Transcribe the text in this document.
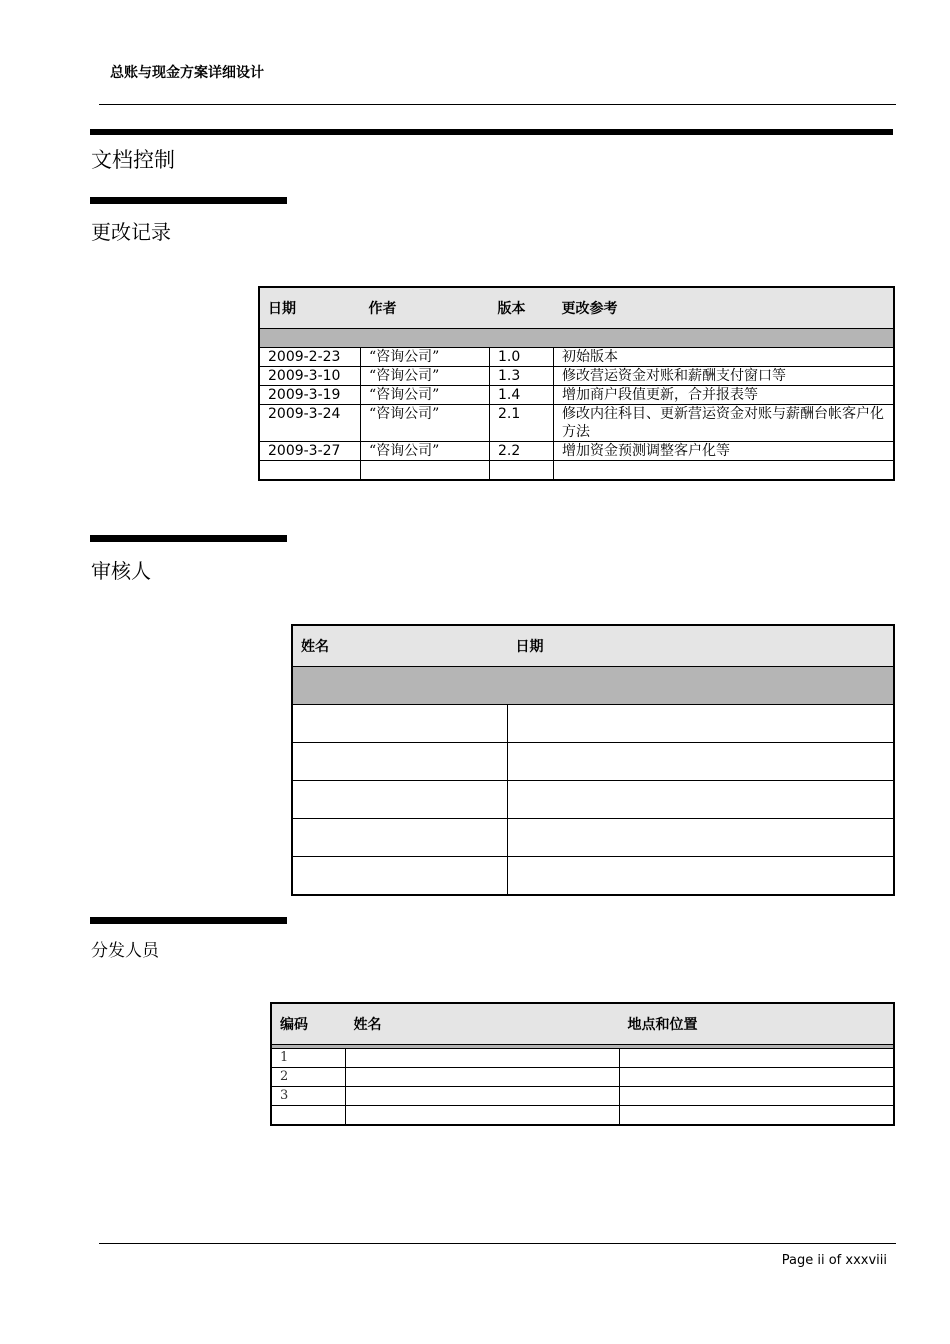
总账与现金方案详细设计
文档控制
更改记录
日期	作者	版本	更改参考

2009-2-23	“咨询公司”	1.0	初始版本
2009-3-10	“咨询公司”	1.3	修改营运资金对账和薪酬支付窗口等
2009-3-19	“咨询公司”	1.4	增加商户段值更新，合并报表等
2009-3-24	“咨询公司”	2.1	修改内往科目、更新营运资金对账与薪酬台帐客户化方法
2009-3-27	“咨询公司”	2.2	增加资金预测调整客户化等

审核人
姓名	日期

分发人员
编码	姓名	地点和位置

1		
2		
3		

Page ii of xxxviii
